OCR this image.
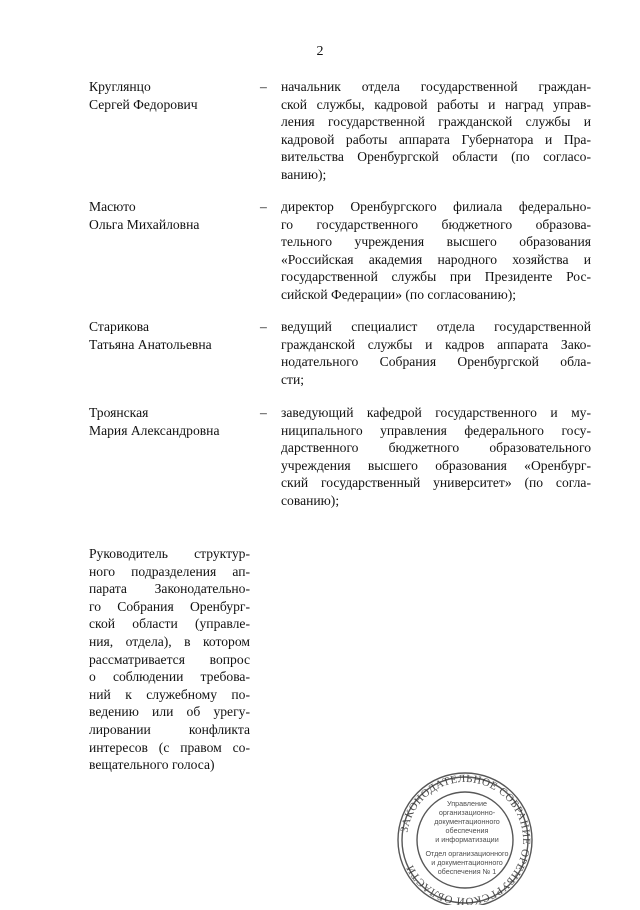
2
Круглянцо
Сергей Федорович
– начальник отдела государственной граждан-
ской службы, кадровой работы и наград управ-
ления государственной гражданской службы и
кадровой работы аппарата Губернатора и Пра-
вительства Оренбургской области (по согласо-
ванию);
Масюто
Ольга Михайловна
– директор Оренбургского филиала федерально-
го государственного бюджетного образова-
тельного учреждения высшего образования
«Российская академия народного хозяйства и
государственной службы при Президенте Рос-
сийской Федерации» (по согласованию);
Старикова
Татьяна Анатольевна
– ведущий специалист отдела государственной
гражданской службы и кадров аппарата Зако-
нодательного Собрания Оренбургской обла-
сти;
Троянская
Мария Александровна
– заведующий кафедрой государственного и му-
ниципального управления федерального госу-
дарственного бюджетного образовательного
учреждения высшего образования «Оренбург-
ский государственный университет» (по согла-
сованию);
Руководитель структур-
ного подразделения ап-
парата Законодательно-
го Собрания Оренбург-
ской области (управле-
ния, отдела), в котором
рассматривается вопрос
о соблюдении требова-
ний к служебному по-
ведению или об урегу-
лировании конфликта
интересов (с правом со-
вещательного голоса)
ЗАКОНОДАТЕЛЬНОЕ СОБРАНИЕ ОРЕНБУРГСКОЙ ОБЛАСТИ
Управление
организационно-
документационного
обеспечения
и информатизации
Отдел организационного
и документационного
обеспечения № 1
